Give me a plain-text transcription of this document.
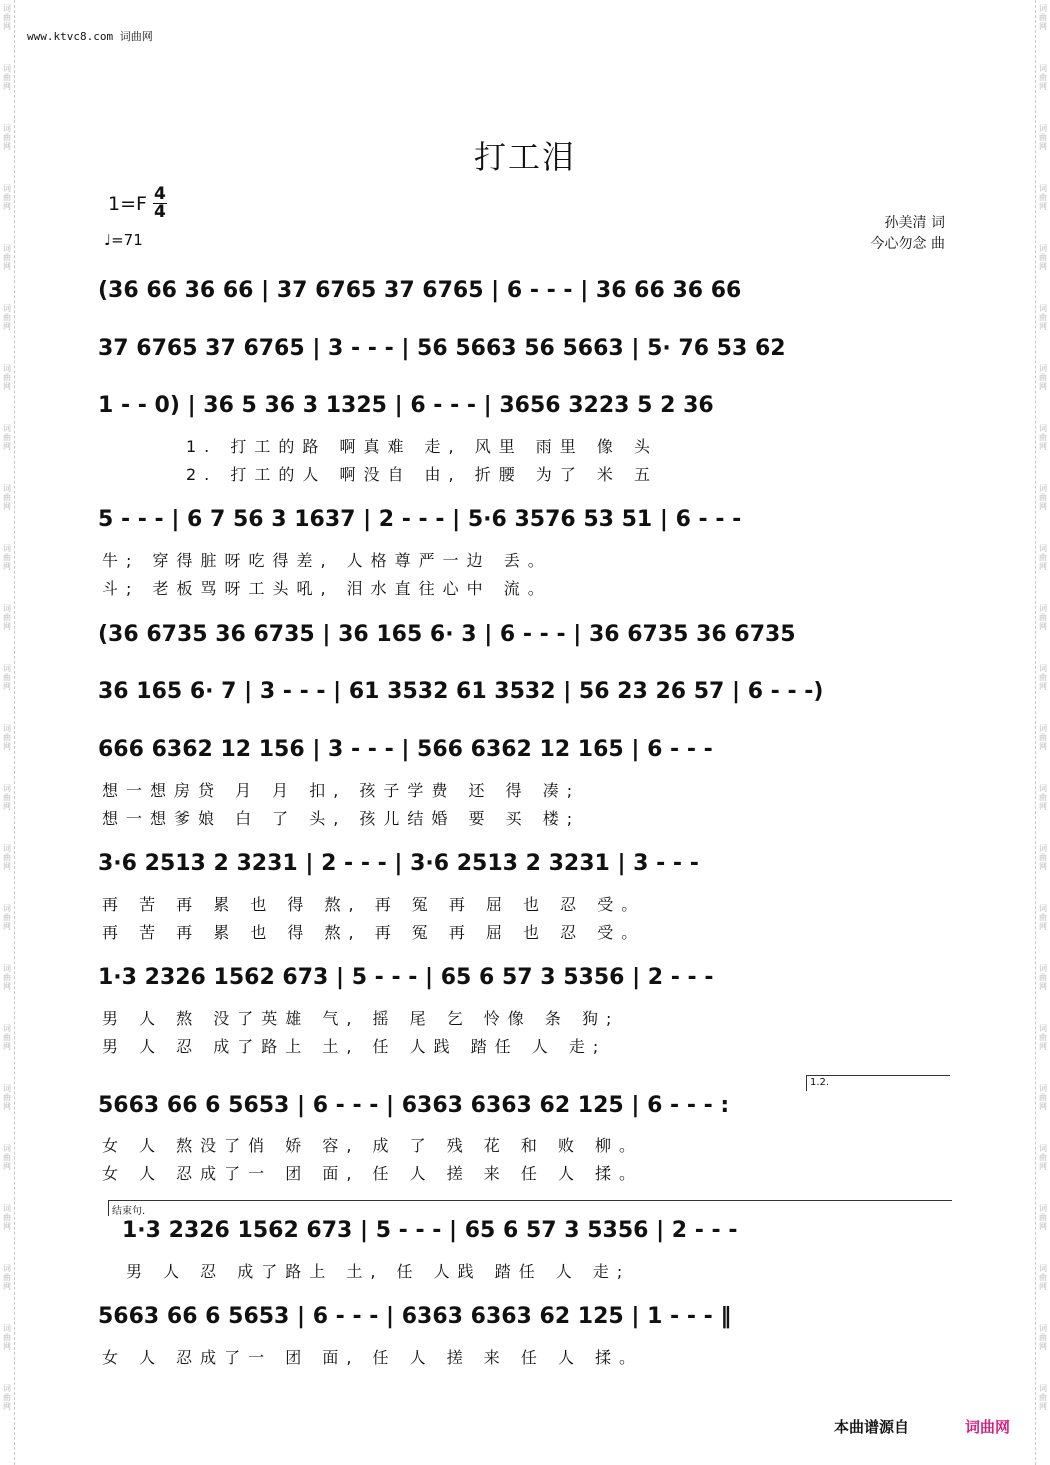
词
曲
网
词
曲
网
词
曲
网
词
曲
网
词
曲
网
词
曲
网
词
曲
网
词
曲
网
词
曲
网
词
曲
网
词
曲
网
词
曲
网
词
曲
网
词
曲
网
词
曲
网
词
曲
网
词
曲
网
词
曲
网
词
曲
网
词
曲
网
词
曲
网
词
曲
网
词
曲
网
词
曲
网
词
曲
网
词
曲
网
词
曲
网
词
曲
网
词
曲
网
词
曲
网
词
曲
网
词
曲
网
词
曲
网
词
曲
网
词
曲
网
词
曲
网
词
曲
网
词
曲
网
词
曲
网
词
曲
网
词
曲
网
词
曲
网
词
曲
网
词
曲
网
词
曲
网
词
曲
网
词
曲
网
词
曲
网
www.ktvc8.com 词曲网
打工泪
1=F 4
4
♩=71
孙美清 词
今心勿念 曲
(36 66 36 66 | 37 6765 37 6765 | 6 - - - | 36 66 36 66
37 6765 37 6765 | 3 - - - | 56 5663 56 5663 | 5· 76 53 62
1 - - 0) | 36 5 36 3 1325 | 6 - - - | 3656 3223 5 2 36
1. 打工的路 啊真难 走, 风里 雨里 像 头
2. 打工的人 啊没自 由, 折腰 为了 米 五
5 - - - | 6 7 56 3 1637 | 2 - - - | 5·6 3576 53 51 | 6 - - -
牛; 穿得脏呀吃得差, 人格尊严一边 丢。
斗; 老板骂呀工头吼, 泪水直往心中 流。
(36 6735 36 6735 | 36 165 6· 3 | 6 - - - | 36 6735 36 6735
36 165 6· 7 | 3 - - - | 61 3532 61 3532 | 56 23 26 57 | 6 - - -)
666 6362 12 156 | 3 - - - | 566 6362 12 165 | 6 - - -
想一想房贷 月 月 扣, 孩子学费 还 得 凑;
想一想爹娘 白 了 头, 孩儿结婚 要 买 楼;
3·6 2513 2 3231 | 2 - - - | 3·6 2513 2 3231 | 3 - - -
再 苦 再 累 也 得 熬, 再 冤 再 屈 也 忍 受。
再 苦 再 累 也 得 熬, 再 冤 再 屈 也 忍 受。
1·3 2326 1562 673 | 5 - - - | 65 6 57 3 5356 | 2 - - -
男 人 熬 没了英雄 气, 摇 尾 乞 怜像 条 狗;
男 人 忍 成了路上 土, 任 人践 踏任 人 走;
1.2.
5663 66 6 5653 | 6 - - - | 6363 6363 62 125 | 6 - - - :
女 人 熬没了俏 娇 容, 成 了 残 花 和 败 柳。
女 人 忍成了一 团 面, 任 人 搓 来 任 人 揉。
结束句.
1·3 2326 1562 673 | 5 - - - | 65 6 57 3 5356 | 2 - - -
男 人 忍 成了路上 土, 任 人践 踏任 人 走;
5663 66 6 5653 | 6 - - - | 6363 6363 62 125 | 1 - - - ‖
女 人 忍成了一 团 面, 任 人 搓 来 任 人 揉。
本曲谱源自	词曲网
